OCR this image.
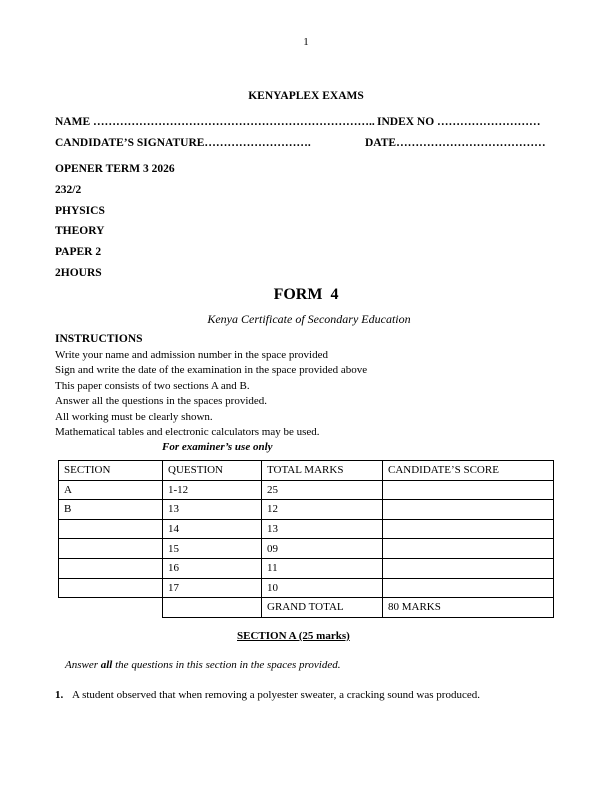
1
KENYAPLEX EXAMS
NAME ……………………………………………………………….. INDEX NO ………………………
CANDIDATE’S SIGNATURE……………………….	DATE…………………………………
OPENER TERM 3 2026
232/2
PHYSICS
THEORY
PAPER 2
2HOURS
FORM  4
Kenya Certificate of Secondary Education
INSTRUCTIONS
Write your name and admission number in the space provided
Sign and write the date of the examination in the space provided above
This paper consists of two sections A and B.
Answer all the questions in the spaces provided.
All working must be clearly shown.
Mathematical tables and electronic calculators may be used.
For examiner’s use only
SECTION	QUESTION	TOTAL MARKS	CANDIDATE’S SCORE
A	1-12	25	
B	13	12	
	14	13	
	15	09	
	16	11	
	17	10	
		GRAND TOTAL	80 MARKS
SECTION A (25 marks)
Answer all the questions in this section in the spaces provided.
1. A student observed that when removing a polyester sweater, a cracking sound was produced.
